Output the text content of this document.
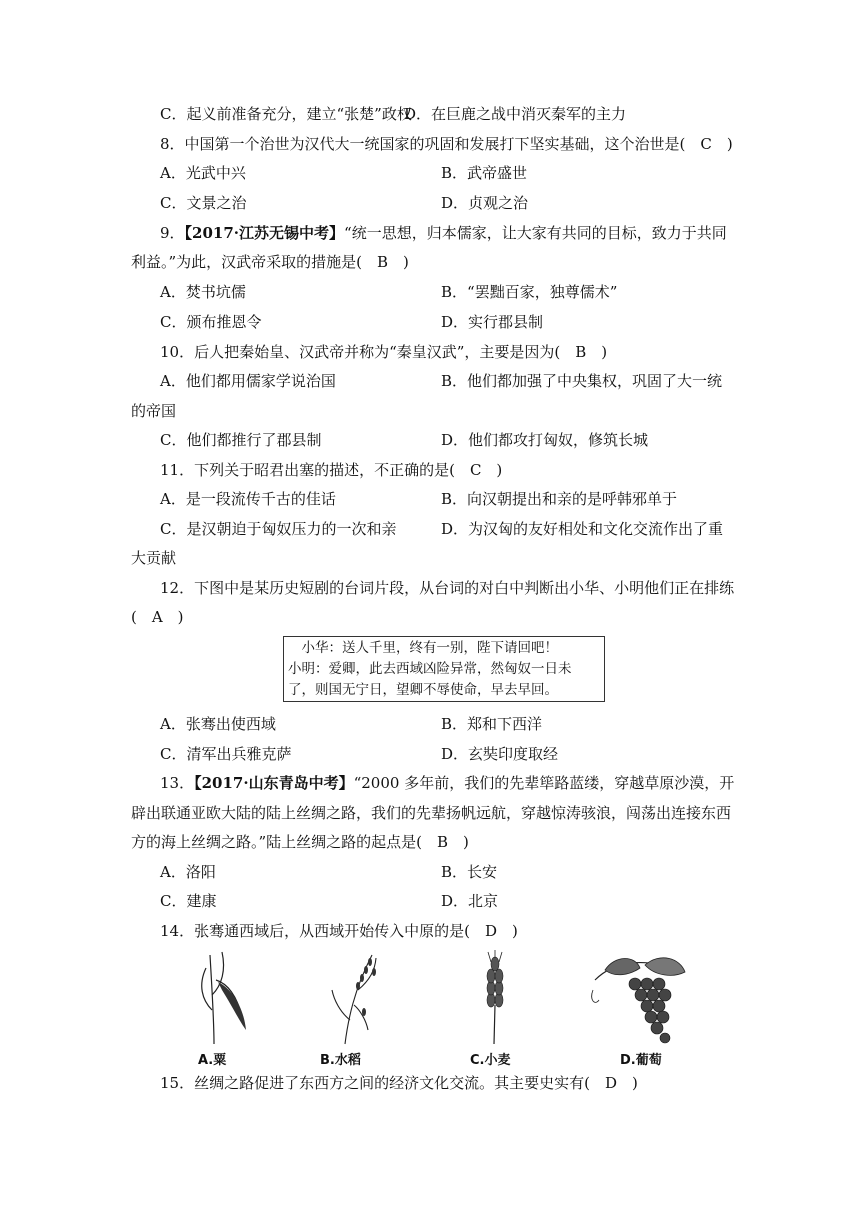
C．起义前准备充分，建立“张楚”政权
D．在巨鹿之战中消灭秦军的主力
8．中国第一个治世为汉代大一统国家的巩固和发展打下坚实基础，这个治世是(　C　)
A．光武中兴	B．武帝盛世
C．文景之治	D．贞观之治
9．【2017·江苏无锡中考】“统一思想，归本儒家，让大家有共同的目标，致力于共同
利益。”为此，汉武帝采取的措施是(　B　)
A．焚书坑儒	B．“罢黜百家，独尊儒术”
C．颁布推恩令	D．实行郡县制
10．后人把秦始皇、汉武帝并称为“秦皇汉武”，主要是因为(　B　)
A．他们都用儒家学说治国	B．他们都加强了中央集权，巩固了大一统
的帝国
C．他们都推行了郡县制	D．他们都攻打匈奴，修筑长城
11．下列关于昭君出塞的描述，不正确的是(　C　)
A．是一段流传千古的佳话	B．向汉朝提出和亲的是呼韩邪单于
C．是汉朝迫于匈奴压力的一次和亲	D．为汉匈的友好相处和文化交流作出了重
大贡献
12．下图中是某历史短剧的台词片段，从台词的对白中判断出小华、小明他们正在排练
(　A　)
　小华：送人千里，终有一别，陛下请回吧！
小明：爱卿，此去西域凶险异常，然匈奴一日未
了，则国无宁日，望卿不辱使命，早去早回。
A．张骞出使西域	B．郑和下西洋
C．清军出兵雅克萨	D．玄奘印度取经
13．【2017·山东青岛中考】“2000 多年前，我们的先辈筚路蓝缕，穿越草原沙漠，开
辟出联通亚欧大陆的陆上丝绸之路，我们的先辈扬帆远航，穿越惊涛骇浪，闯荡出连接东西
方的海上丝绸之路。”陆上丝绸之路的起点是(　B　)
A．洛阳	B．长安
C．建康	D．北京
14．张骞通西域后，从西域开始传入中原的是(　D　)
A.粟	B.水稻	C.小麦	D.葡萄
15．丝绸之路促进了东西方之间的经济文化交流。其主要史实有(　D　)
